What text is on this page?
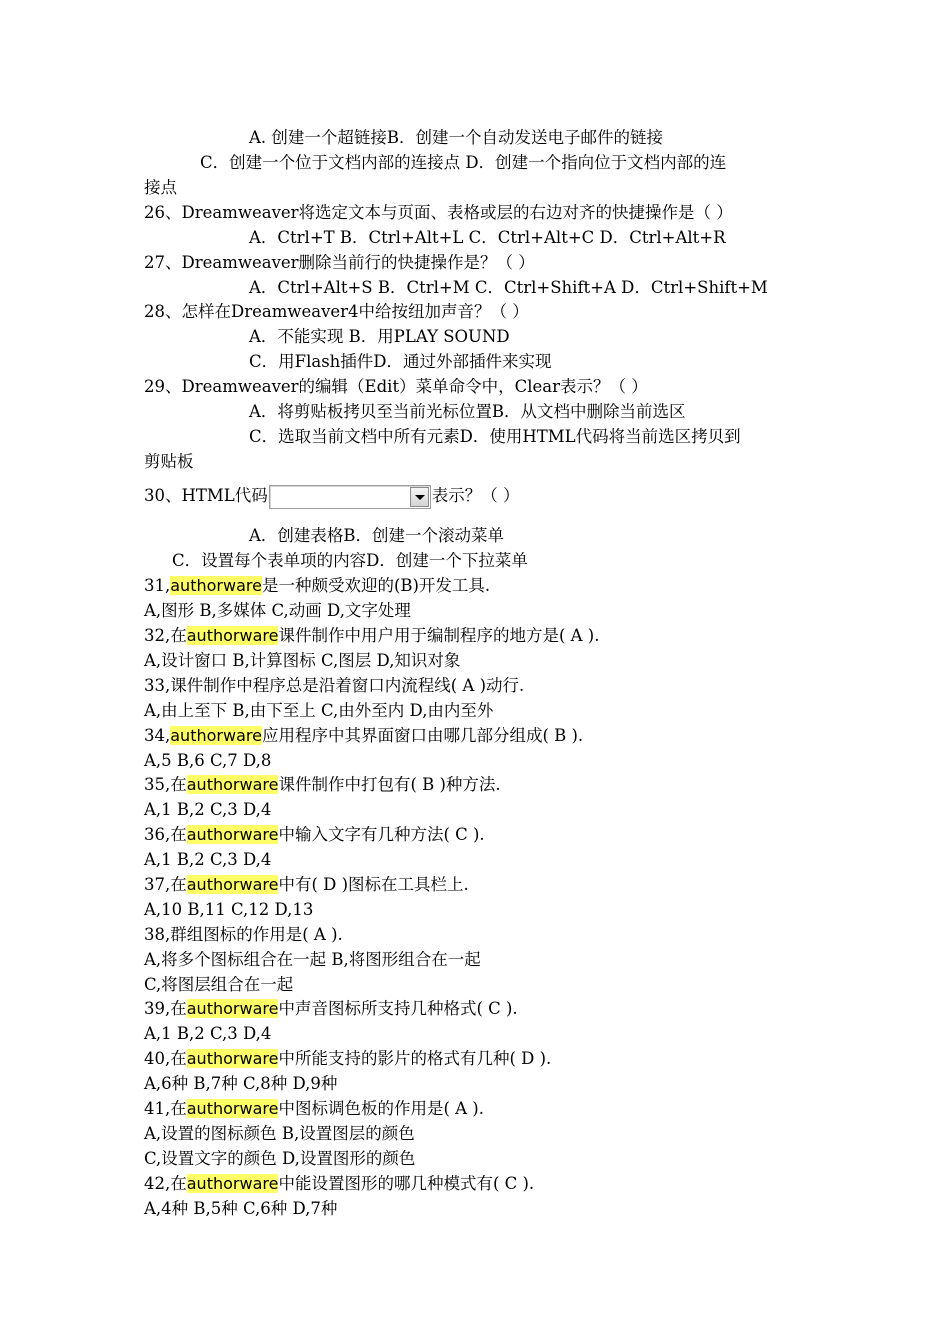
A. 创建一个超链接B．创建一个自动发送电子邮件的链接
C．创建一个位于文档内部的连接点 D．创建一个指向位于文档内部的连
接点
26、Dreamweaver将选定文本与页面、表格或层的右边对齐的快捷操作是（ ）
A．Ctrl+T B．Ctrl+Alt+L C．Ctrl+Alt+C D．Ctrl+Alt+R
27、Dreamweaver删除当前行的快捷操作是？（ ）
A．Ctrl+Alt+S B．Ctrl+M C．Ctrl+Shift+A D．Ctrl+Shift+M
28、怎样在Dreamweaver4中给按纽加声音？（ ）
A．不能实现 B．用PLAY SOUND
C．用Flash插件D．通过外部插件来实现
29、Dreamweaver的编辑（Edit）菜单命令中，Clear表示？（ ）
A．将剪贴板拷贝至当前光标位置B．从文档中删除当前选区
C．选取当前文档中所有元素D．使用HTML代码将当前选区拷贝到
剪贴板
30、HTML代码	表示？（ ）
A．创建表格B．创建一个滚动菜单
C．设置每个表单项的内容D．创建一个下拉菜单
31,authorware是一种颇受欢迎的(B)开发工具.
A,图形 B,多媒体 C,动画 D,文字处理
32,在authorware课件制作中用户用于编制程序的地方是( A ).
A,设计窗口 B,计算图标 C,图层 D,知识对象
33,课件制作中程序总是沿着窗口内流程线( A )动行.
A,由上至下 B,由下至上 C,由外至内 D,由内至外
34,authorware应用程序中其界面窗口由哪几部分组成( B ).
A,5 B,6 C,7 D,8
35,在authorware课件制作中打包有( B )种方法.
A,1 B,2 C,3 D,4
36,在authorware中输入文字有几种方法( C ).
A,1 B,2 C,3 D,4
37,在authorware中有( D )图标在工具栏上.
A,10 B,11 C,12 D,13
38,群组图标的作用是( A ).
A,将多个图标组合在一起 B,将图形组合在一起
C,将图层组合在一起
39,在authorware中声音图标所支持几种格式( C ).
A,1 B,2 C,3 D,4
40,在authorware中所能支持的影片的格式有几种( D ).
A,6种 B,7种 C,8种 D,9种
41,在authorware中图标调色板的作用是( A ).
A,设置的图标颜色 B,设置图层的颜色
C,设置文字的颜色 D,设置图形的颜色
42,在authorware中能设置图形的哪几种模式有( C ).
A,4种 B,5种 C,6种 D,7种
